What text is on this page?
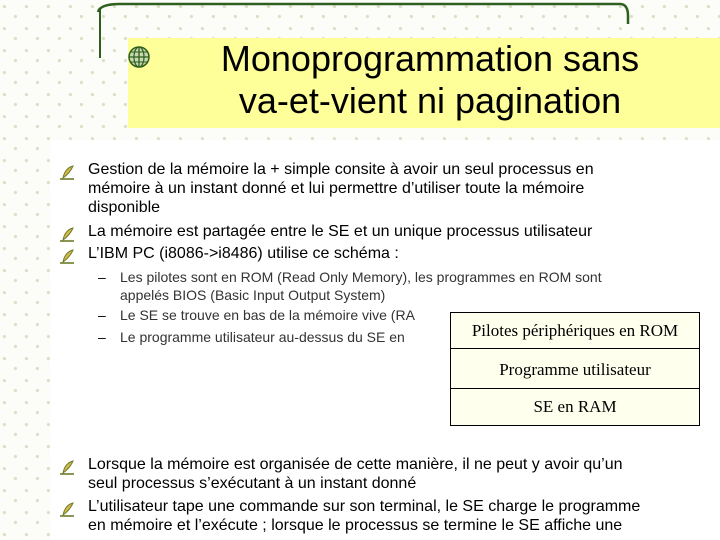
Monoprogrammation sans
va-et-vient ni pagination
Gestion de la mémoire la + simple consite à avoir un seul processus en
mémoire à un instant donné et lui permettre d’utiliser toute la mémoire
disponible
La mémoire est partagée entre le SE et un unique processus utilisateur
L’IBM PC (i8086->i8486) utilise ce schéma :
– Les pilotes sont en ROM (Read Only Memory), les programmes en ROM sont
appelés BIOS (Basic Input Output System)
– Le SE se trouve en bas de la mémoire vive (RA
– Le programme utilisateur au-dessus du SE en	Pilotes périphériques en ROM
Programme utilisateur
SE en RAM
Lorsque la mémoire est organisée de cette manière, il ne peut y avoir qu’un
seul processus s’exécutant à un instant donné
L’utilisateur tape une commande sur son terminal, le SE charge le programme
en mémoire et l’exécute ; lorsque le processus se termine le SE affiche une
